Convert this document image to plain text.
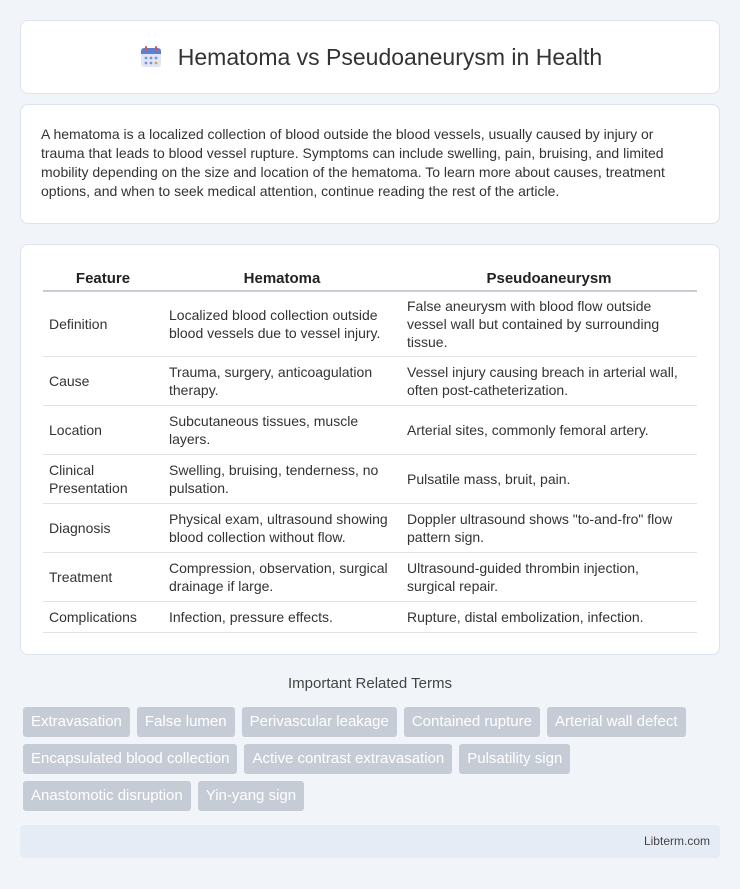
Hematoma vs Pseudoaneurysm in Health

A hematoma is a localized collection of blood outside the blood vessels, usually caused by injury or trauma that leads to blood vessel rupture. Symptoms can include swelling, pain, bruising, and limited mobility depending on the size and location of the hematoma. To learn more about causes, treatment options, and when to seek medical attention, continue reading the rest of the article.

Feature	Hematoma	Pseudoaneurysm
Definition	Localized blood collection outside blood vessels due to vessel injury.	False aneurysm with blood flow outside vessel wall but contained by surrounding tissue.
Cause	Trauma, surgery, anticoagulation therapy.	Vessel injury causing breach in arterial wall, often post-catheterization.
Location	Subcutaneous tissues, muscle layers.	Arterial sites, commonly femoral artery.
Clinical Presentation	Swelling, bruising, tenderness, no pulsation.	Pulsatile mass, bruit, pain.
Diagnosis	Physical exam, ultrasound showing blood collection without flow.	Doppler ultrasound shows "to-and-fro" flow pattern sign.
Treatment	Compression, observation, surgical drainage if large.	Ultrasound-guided thrombin injection, surgical repair.
Complications	Infection, pressure effects.	Rupture, distal embolization, infection.
Important Related Terms
Extravasation	False lumen	Perivascular leakage	Contained rupture	Arterial wall defect
Encapsulated blood collection	Active contrast extravasation	Pulsatility sign
Anastomotic disruption	Yin-yang sign
Libterm.com
